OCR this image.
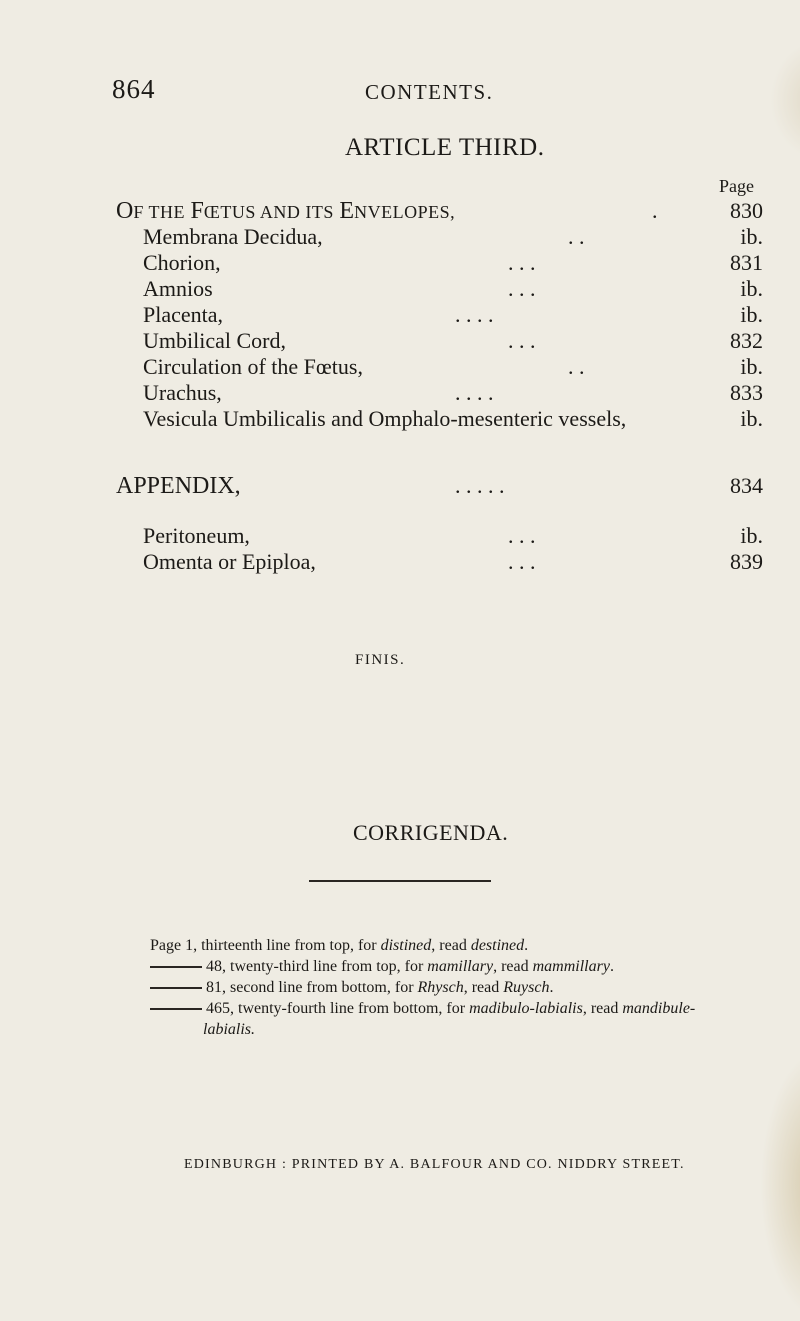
864	CONTENTS.
ARTICLE THIRD.
Page
OF THE FŒTUS AND ITS ENVELOPES,	.	830
Membrana Decidua,	. .	ib.
Chorion,	. . .	831
Amnios	. . .	ib.
Placenta,	. . . .	ib.
Umbilical Cord,	. . .	832
Circulation of the Fœtus,	. .	ib.
Urachus,	. . . .	833
Vesicula Umbilicalis and Omphalo-mesenteric vessels,	ib.
APPENDIX,	. . . . .	834
Peritoneum,	. . .	ib.
Omenta or Epiploa,	. . .	839
FINIS.
CORRIGENDA.
Page 1, thirteenth line from top, for distined, read destined.
48, twenty-third line from top, for mamillary, read mammillary.
81, second line from bottom, for Rhysch, read Ruysch.
465, twenty-fourth line from bottom, for madibulo-labialis, read mandibule-
labialis.
EDINBURGH : PRINTED BY A. BALFOUR AND CO. NIDDRY STREET.
